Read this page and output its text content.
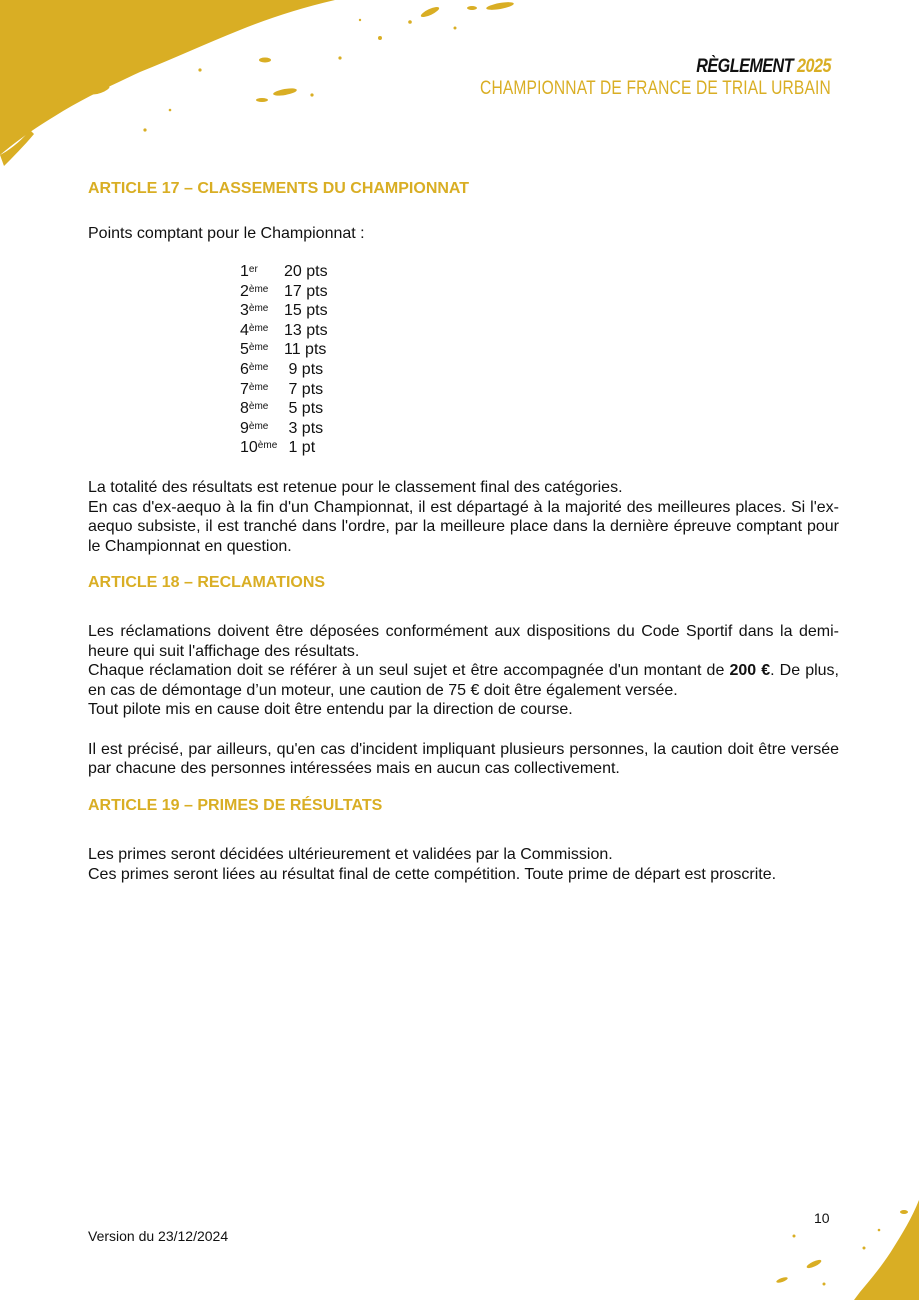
RÈGLEMENT 2025
CHAMPIONNAT DE FRANCE DE TRIAL URBAIN
ARTICLE 17 – CLASSEMENTS DU CHAMPIONNAT

Points comptant pour le Championnat :

1er	20 pts
2ème 17 pts
3ème 15 pts
4ème 13 pts
5ème 11 pts
6ème 9 pts
7ème 7 pts
8ème 5 pts
9ème 3 pts
10ème 1 pt

La totalité des résultats est retenue pour le classement final des catégories.

En cas d'ex-aequo à la fin d'un Championnat, il est départagé à la majorité des meilleures places. Si l'ex-aequo subsiste, il est tranché dans l'ordre, par la meilleure place dans la dernière épreuve comptant pour le Championnat en question.

ARTICLE 18 – RECLAMATIONS

Les réclamations doivent être déposées conformément aux dispositions du Code Sportif dans la demi-heure qui suit l'affichage des résultats.

Chaque réclamation doit se référer à un seul sujet et être accompagnée d'un montant de 200 €. De plus, en cas de démontage d’un moteur, une caution de 75 € doit être également versée.

Tout pilote mis en cause doit être entendu par la direction de course.

Il est précisé, par ailleurs, qu'en cas d'incident impliquant plusieurs personnes, la caution doit être versée par chacune des personnes intéressées mais en aucun cas collectivement.

ARTICLE 19 – PRIMES DE RÉSULTATS

Les primes seront décidées ultérieurement et validées par la Commission.

Ces primes seront liées au résultat final de cette compétition. Toute prime de départ est proscrite.

10
Version du 23/12/2024
